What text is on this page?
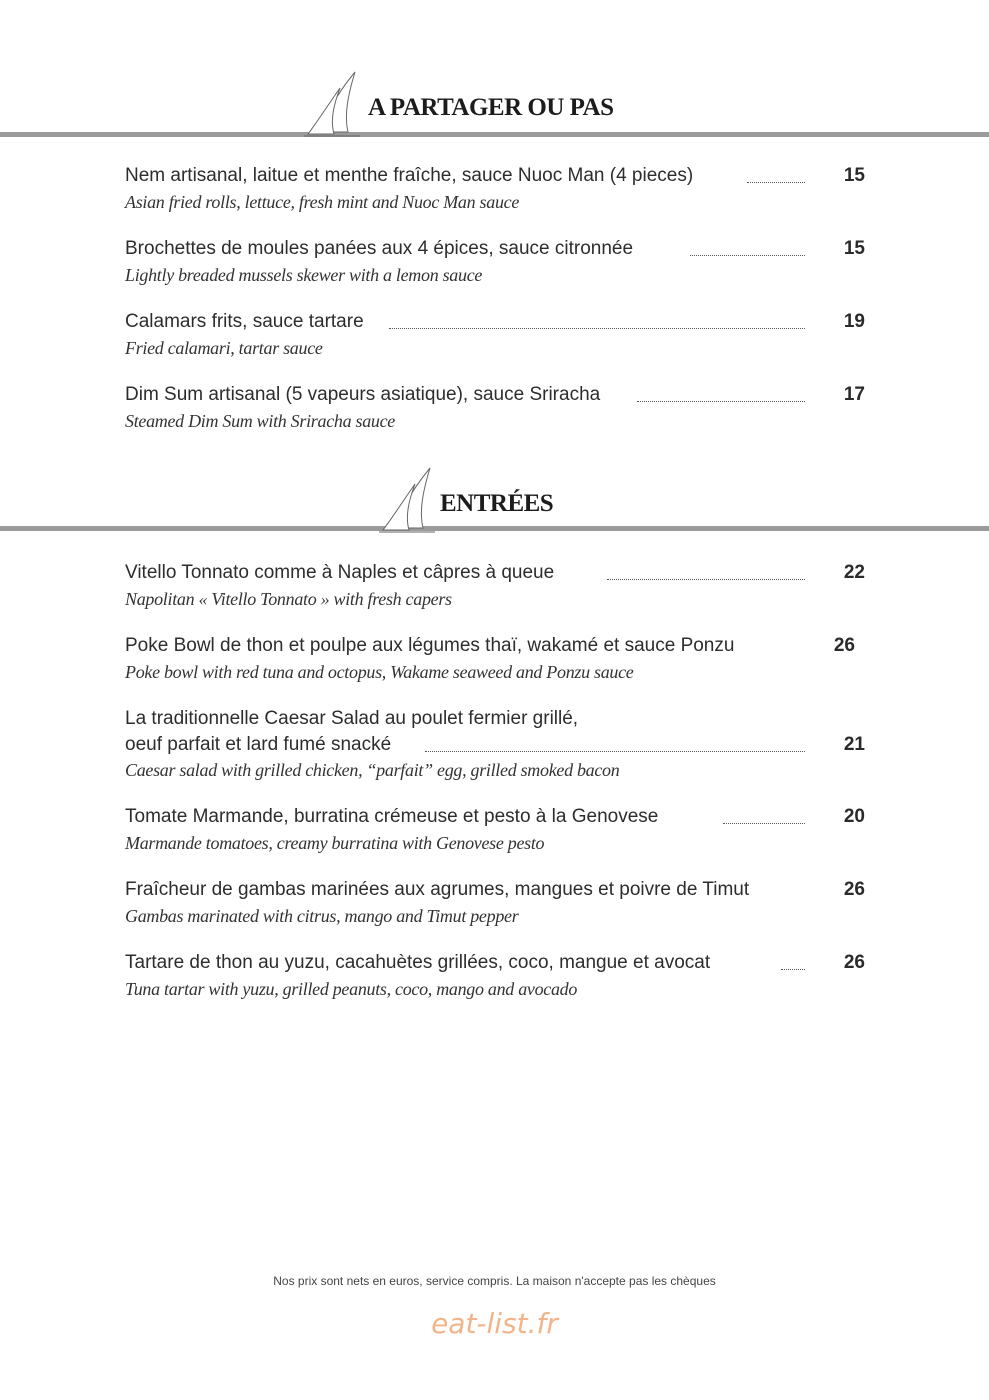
A PARTAGER OU PAS
Nem artisanal, laitue et menthe fraîche, sauce Nuoc Man (4 pieces)	15
Asian fried rolls, lettuce, fresh mint and Nuoc Man sauce
Brochettes de moules panées aux 4 épices, sauce citronnée	15
Lightly breaded mussels skewer with a lemon sauce
Calamars frits, sauce tartare	19
Fried calamari, tartar sauce
Dim Sum artisanal (5 vapeurs asiatique), sauce Sriracha	17
Steamed Dim Sum with Sriracha sauce
ENTRÉES
Vitello Tonnato comme à Naples et câpres à queue	22
Napolitan « Vitello Tonnato » with fresh capers
Poke Bowl de thon et poulpe aux légumes thaï, wakamé et sauce Ponzu	26
Poke bowl with red tuna and octopus, Wakame seaweed and Ponzu sauce
La traditionnelle Caesar Salad au poulet fermier grillé,
oeuf parfait et lard fumé snacké	21
Caesar salad with grilled chicken, “parfait” egg, grilled smoked bacon
Tomate Marmande, burratina crémeuse et pesto à la Genovese	20
Marmande tomatoes, creamy burratina with Genovese pesto
Fraîcheur de gambas marinées aux agrumes, mangues et poivre de Timut	26
Gambas marinated with citrus, mango and Timut pepper
Tartare de thon au yuzu, cacahuètes grillées, coco, mangue et avocat	26
Tuna tartar with yuzu, grilled peanuts, coco, mango and avocado
Nos prix sont nets en euros, service compris. La maison n'accepte pas les chèques
eat-list.fr
